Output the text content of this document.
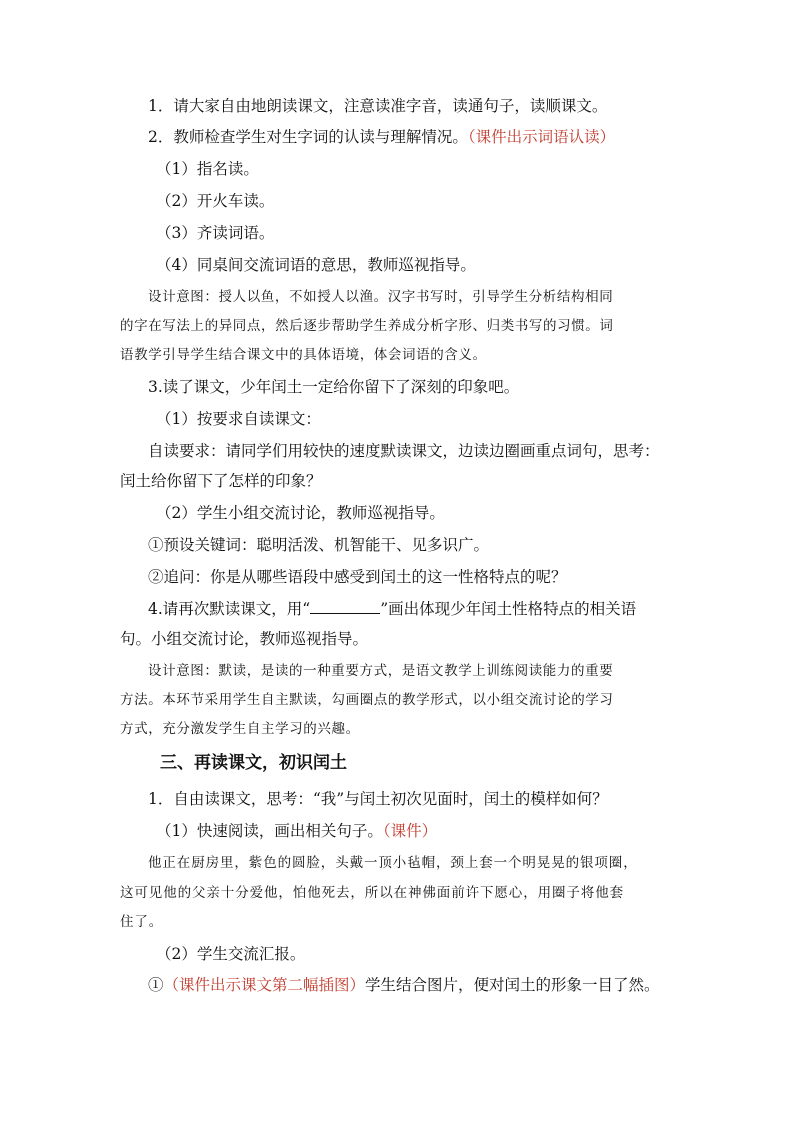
1．请大家自由地朗读课文，注意读准字音，读通句子，读顺课文。
2．教师检查学生对生字词的认读与理解情况。（课件出示词语认读）
（1）指名读。
（2）开火车读。
（3）齐读词语。
（4）同桌间交流词语的意思，教师巡视指导。
设计意图：授人以鱼，不如授人以渔。汉字书写时，引导学生分析结构相同
的字在写法上的异同点，然后逐步帮助学生养成分析字形、归类书写的习惯。词
语教学引导学生结合课文中的具体语境，体会词语的含义。
3.读了课文，少年闰土一定给你留下了深刻的印象吧。
（1）按要求自读课文：
自读要求：请同学们用较快的速度默读课文，边读边圈画重点词句，思考：
闰土给你留下了怎样的印象？
（2）学生小组交流讨论，教师巡视指导。
①预设关键词：聪明活泼、机智能干、见多识广。
②追问：你是从哪些语段中感受到闰土的这一性格特点的呢？
4.请再次默读课文，用“	”画出体现少年闰土性格特点的相关语
句。小组交流讨论，教师巡视指导。
设计意图：默读，是读的一种重要方式，是语文教学上训练阅读能力的重要
方法。本环节采用学生自主默读，勾画圈点的教学形式，以小组交流讨论的学习
方式，充分激发学生自主学习的兴趣。
三、再读课文，初识闰土
1．自由读课文，思考：“我”与闰土初次见面时，闰土的模样如何？
（1）快速阅读，画出相关句子。（课件）
他正在厨房里，紫色的圆脸，头戴一顶小毡帽，颈上套一个明晃晃的银项圈，
这可见他的父亲十分爱他，怕他死去，所以在神佛面前许下愿心，用圈子将他套
住了。
（2）学生交流汇报。
①（课件出示课文第二幅插图）学生结合图片，便对闰土的形象一目了然。
